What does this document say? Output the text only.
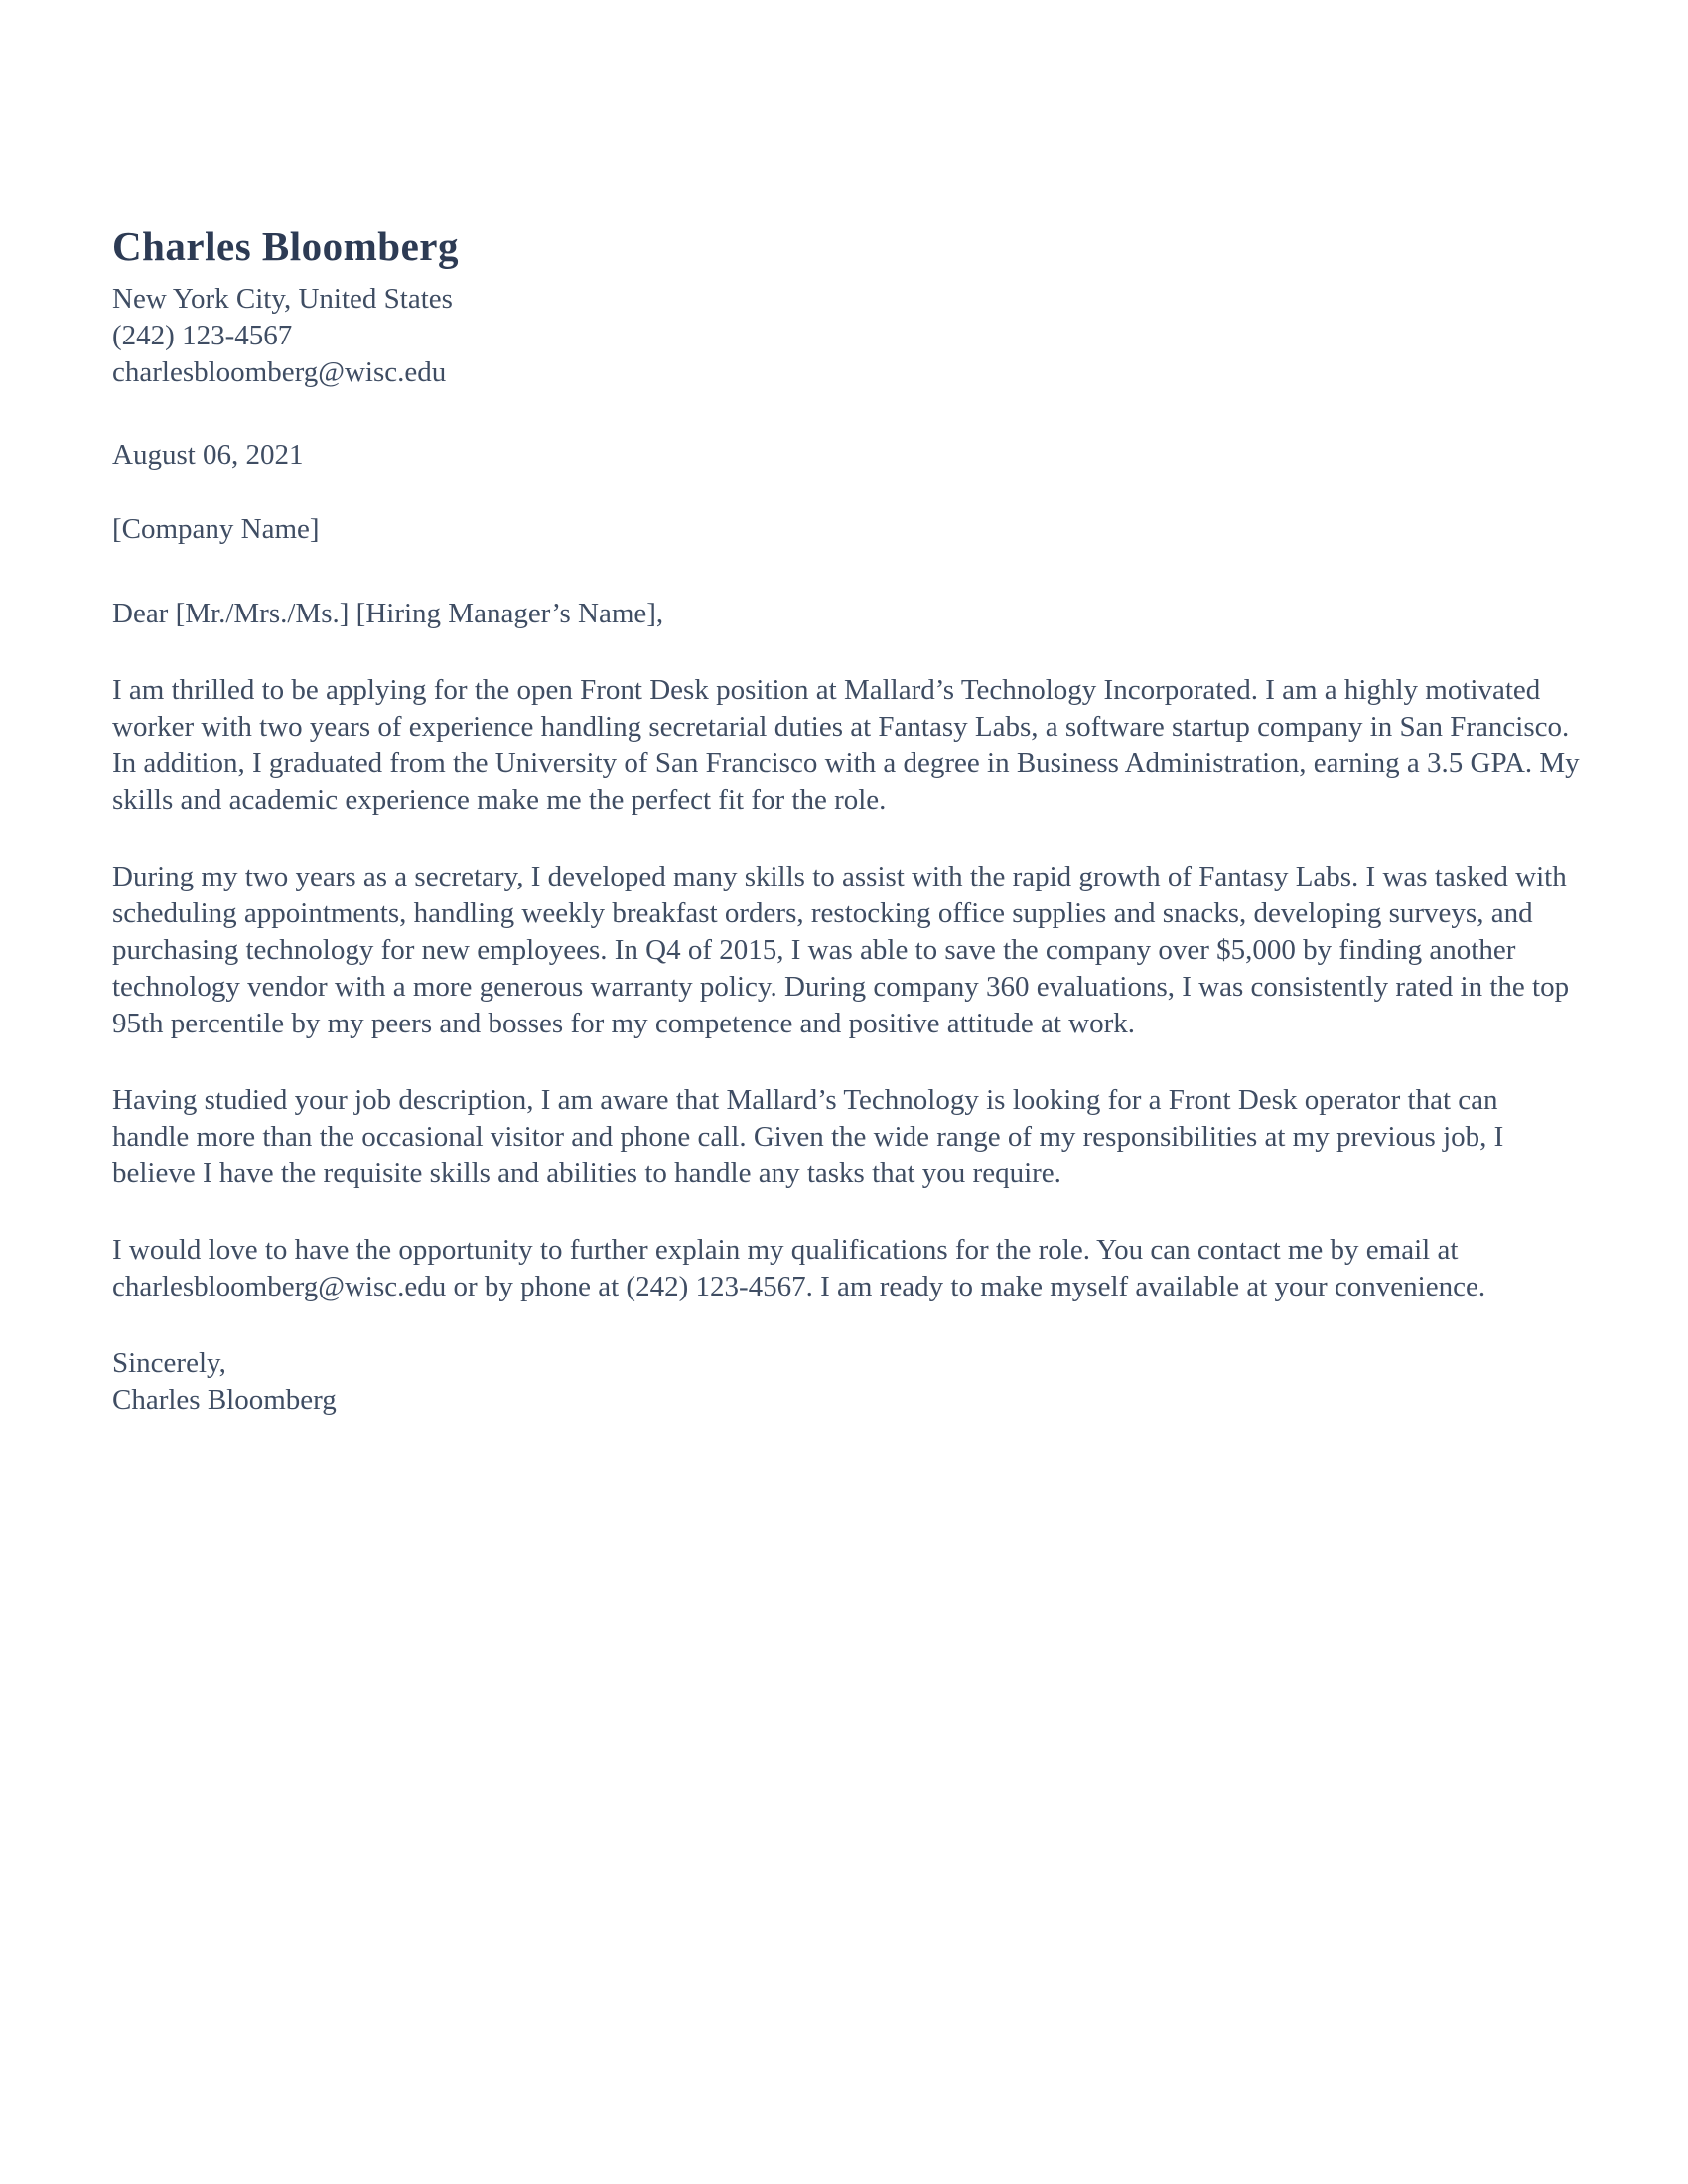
Charles Bloomberg

New York City, United States

(242) 123-4567

charlesbloomberg@wisc.edu

August 06, 2021

[Company Name]

Dear [Mr./Mrs./Ms.] [Hiring Manager’s Name],

I am thrilled to be applying for the open Front Desk position at Mallard’s Technology Incorporated. I am a highly motivated worker with two years of experience handling secretarial duties at Fantasy Labs, a software startup company in San Francisco. In addition, I graduated from the University of San Francisco with a degree in Business Administration, earning a 3.5 GPA. My skills and academic experience make me the perfect fit for the role.

During my two years as a secretary, I developed many skills to assist with the rapid growth of Fantasy Labs. I was tasked with scheduling appointments, handling weekly breakfast orders, restocking office supplies and snacks, developing surveys, and purchasing technology for new employees. In Q4 of 2015, I was able to save the company over $5,000 by finding another technology vendor with a more generous warranty policy. During company 360 evaluations, I was consistently rated in the top 95th percentile by my peers and bosses for my competence and positive attitude at work.

Having studied your job description, I am aware that Mallard’s Technology is looking for a Front Desk operator that can handle more than the occasional visitor and phone call. Given the wide range of my responsibilities at my previous job, I believe I have the requisite skills and abilities to handle any tasks that you require.

I would love to have the opportunity to further explain my qualifications for the role. You can contact me by email at charlesbloomberg@wisc.edu or by phone at (242) 123-4567. I am ready to make myself available at your convenience.

Sincerely,

Charles Bloomberg
